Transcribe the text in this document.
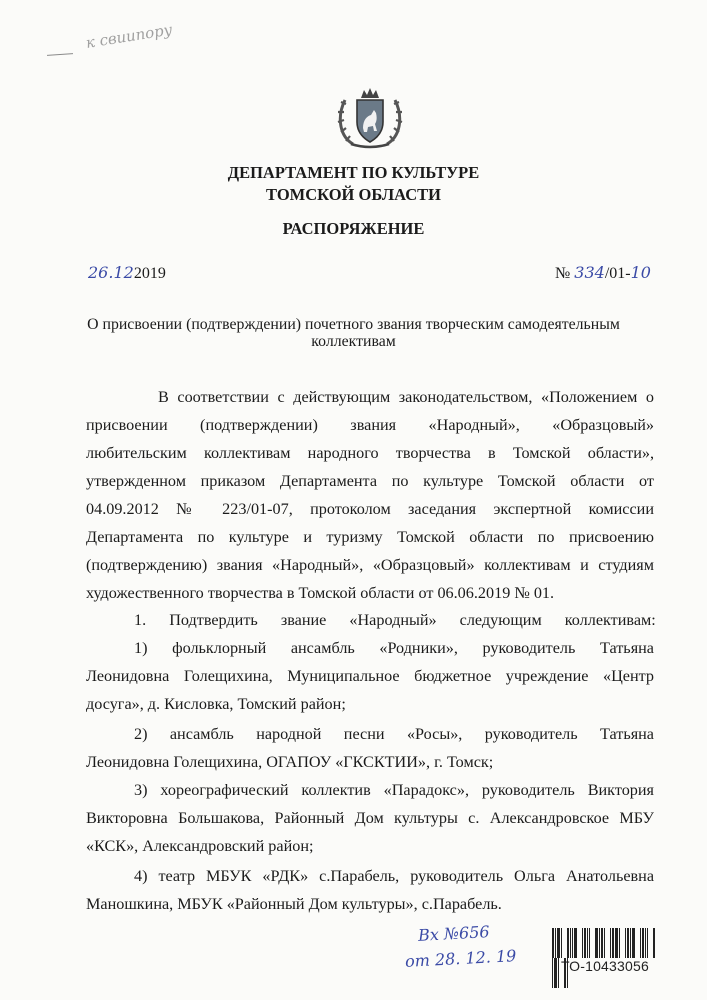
к свиипору
ДЕПАРТАМЕНТ ПО КУЛЬТУРЕ
ТОМСКОЙ ОБЛАСТИ
РАСПОРЯЖЕНИЕ
26.122019	№ 334/01-10
О присвоении (подтверждении) почетного звания творческим самодеятельным
коллективам
В соответствии с действующим законодательством, «Положением о
присвоении (подтверждении) звания «Народный», «Образцовый»
любительским коллективам народного творчества в Томской области»,
утвержденном приказом Департамента по культуре Томской области от
04.09.2012 № 223/01-07, протоколом заседания экспертной комиссии
Департамента по культуре и туризму Томской области по присвоению
(подтверждению) звания «Народный», «Образцовый» коллективам и студиям
художественного творчества в Томской области от 06.06.2019 № 01.
1. Подтвердить звание «Народный» следующим коллективам:
1) фольклорный ансамбль «Родники», руководитель Татьяна
Леонидовна Голещихина, Муниципальное бюджетное учреждение «Центр
досуга», д. Кисловка, Томский район;
2) ансамбль народной песни «Росы», руководитель Татьяна
Леонидовна Голещихина, ОГАПОУ «ГКСКТИИ», г. Томск;
3) хореографический коллектив «Парадокс», руководитель Виктория
Викторовна Большакова, Районный Дом культуры с. Александровское МБУ
«КСК», Александровский район;
4) театр МБУК «РДК» с.Парабель, руководитель Ольга Анатольевна
Маношкина, МБУК «Районный Дом культуры», с.Парабель.
Вх №656
от 28. 12. 19
	ТО-10433056
